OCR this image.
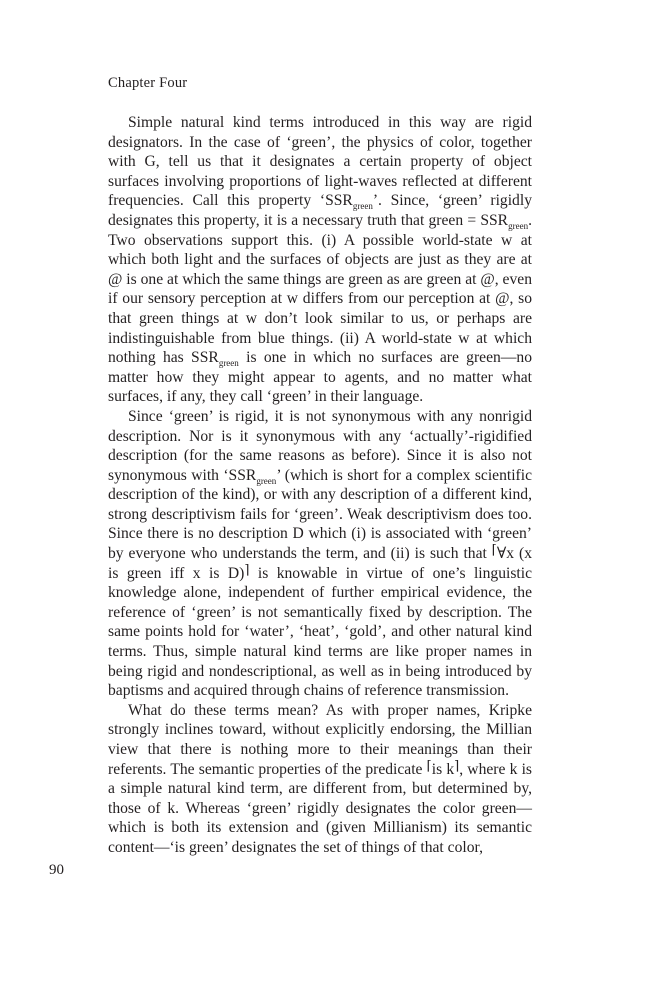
Chapter Four

Simple natural kind terms introduced in this way are rigid designators. In the case of ‘green’, the physics of color, together with G, tell us that it designates a certain property of object surfaces involving proportions of light-waves reflected at different frequencies. Call this property ‘$SSR_{green}$’. Since, ‘green’ rigidly designates this property, it is a necessary truth that green = $SSR_{green}$. Two observations support this. (i) A possible world-state w at which both light and the surfaces of objects are just as they are at @ is one at which the same things are green as are green at @, even if our sensory perception at w differs from our perception at @, so that green things at w don’t look similar to us, or perhaps are indistinguishable from blue things. (ii) A world-state w at which nothing has $SSR_{green}$ is one in which no surfaces are green—no matter how they might appear to agents, and no matter what surfaces, if any, they call ‘green’ in their language.

Since ‘green’ is rigid, it is not synonymous with any nonrigid description. Nor is it synonymous with any ‘actually’-rigidified description (for the same reasons as before). Since it is also not synonymous with ‘$SSR_{green}$’ (which is short for a complex scientific description of the kind), or with any description of a different kind, strong descriptivism fails for ‘green’. Weak descriptivism does too. Since there is no description D which (i) is associated with ‘green’ by everyone who understands the term, and (ii) is such that ⌈∀x (x is green iff x is D)⌉ is knowable in virtue of one’s linguistic knowledge alone, independent of further empirical evidence, the reference of ‘green’ is not semantically fixed by description. The same points hold for ‘water’, ‘heat’, ‘gold’, and other natural kind terms. Thus, simple natural kind terms are like proper names in being rigid and nondescriptional, as well as in being introduced by baptisms and acquired through chains of reference transmission.

What do these terms mean? As with proper names, Kripke strongly inclines toward, without explicitly endorsing, the Millian view that there is nothing more to their meanings than their referents. The semantic properties of the predicate ⌈is k⌉, where k is a simple natural kind term, are different from, but determined by, those of k. Whereas ‘green’ rigidly designates the color green—which is both its extension and (given Millianism) its semantic content—‘is green’ designates the set of things of that color,

90
